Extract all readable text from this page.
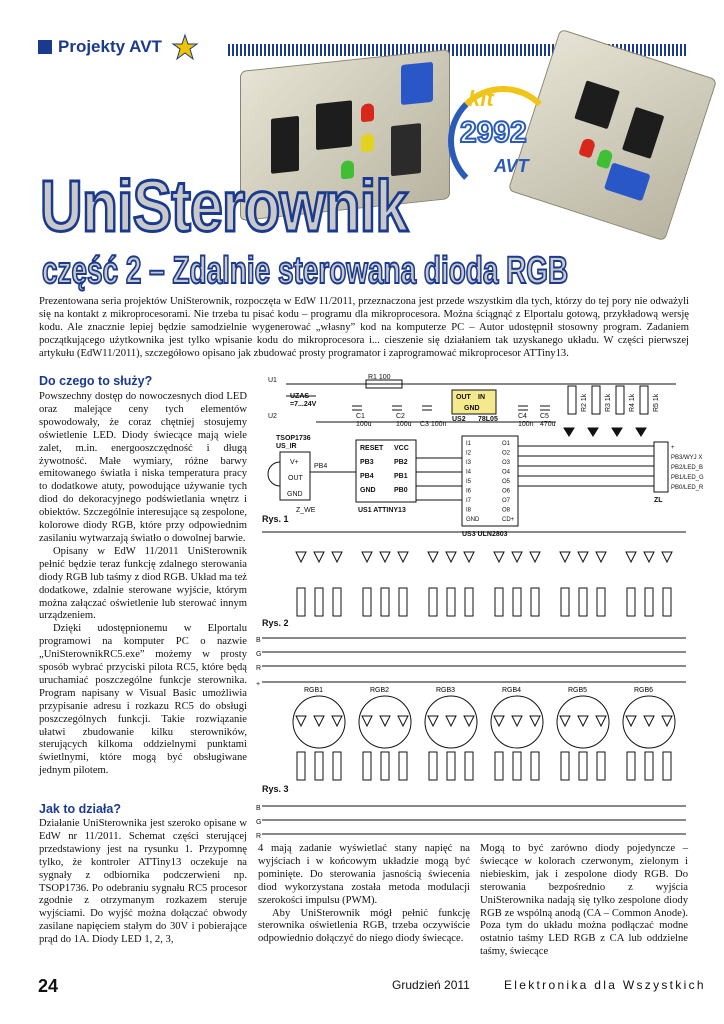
Projekty AVT
kit
2992
AVT
UniSterownik
część 2 – Zdalnie sterowana dioda RGB
Prezentowana seria projektów UniSterownik, rozpoczęta w EdW 11/2011, przeznaczona jest przede wszystkim dla tych, którzy do tej pory nie odważyli się na kontakt z mikroprocesorami. Nie trzeba tu pisać kodu – programu dla mikroprocesora. Można ściągnąć z Elportalu gotową, przykładową wersję kodu. Ale znacznie lepiej będzie samodzielnie wygenerować „własny” kod na komputerze PC – Autor udostępnił stosowny program. Zadaniem początkującego użytkownika jest tylko wpisanie kodu do mikroprocesora i... cieszenie się działaniem tak uzyskanego układu. W części pierwszej artykułu (EdW11/2011), szczegółowo opisano jak zbudować prosty programator i zaprogramować mikroprocesor ATTiny13.
Do czego to służy?

Powszechny dostęp do nowoczesnych diod LED oraz malejące ceny tych elementów spowodowały, że coraz chętniej stosujemy oświetlenie LED. Diody świecące mają wiele zalet, m.in. energooszczędność i długą żywotność. Małe wymiary, różne barwy emitowanego światła i niska temperatura pracy to dodatkowe atuty, powodujące używanie tych diod do dekoracyjnego podświetlania wnętrz i obiektów. Szczególnie interesujące są zespolone, kolorowe diody RGB, które przy odpowiednim zasilaniu wytwarzają światło o dowolnej barwie.

Opisany w EdW 11/2011 UniSterownik pełnić będzie teraz funkcję zdalnego sterowania diody RGB lub taśmy z diod RGB. Układ ma też dodatkowe, zdalnie sterowane wyjście, którym można załączać oświetlenie lub sterować innym urządzeniem.

Dzięki udostępnionemu w Elportalu programowi na komputer PC o nazwie „UniSterownikRC5.exe” możemy w prosty sposób wybrać przyciski pilota RC5, które będą uruchamiać poszczególne funkcje sterownika. Program napisany w Visual Basic umożliwia przypisanie adresu i rozkazu RC5 do obsługi poszczególnych funkcji. Takie rozwiązanie ułatwi zbudowanie kilku sterowników, sterujących kilkoma oddzielnymi punktami świetlnymi, które mogą być obsługiwane jednym pilotem.

Jak to działa?

Działanie UniSterownika jest szeroko opisane w EdW nr 11/2011. Schemat części sterującej przedstawiony jest na rysunku 1. Przypomnę tylko, że kontroler ATTiny13 oczekuje na sygnały z odbiornika podczerwieni np. TSOP1736. Po odebraniu sygnału RC5 procesor zgodnie z otrzymanym rozkazem steruje wyjściami. Do wyjść można dołączać obwody zasilane napięciem stałym do 30V i pobierające prąd do 1A. Diody LED 1, 2, 3,

4 mają zadanie wyświetlać stany napięć na wyjściach i w końcowym układzie mogą być pominięte. Do sterowania jasnością świecenia diod wykorzystana została metoda modulacji szerokości impulsu (PWM).

Aby UniSterownik mógł pełnić funkcję sterownika oświetlenia RGB, trzeba oczywiście odpowiednio dołączyć do niego diody świecące.

Mogą to być zarówno diody pojedyncze – świecące w kolorach czerwonym, zielonym i niebieskim, jak i zespolone diody RGB. Do sterowania bezpośrednio z wyjścia UniSterownika nadają się tylko zespolone diody RGB ze wspólną anodą (CA – Common Anode). Poza tym do układu można podłączać modne ostatnio taśmy LED RGB z CA lub oddzielne taśmy, świecące

RGB1	RGB2	RGB3	RGB4	RGB5	RGB6
U1
U2
UZAS
=7...24V
R1 100
C1
100u
C2
100u C3 100n
OUT IN
GND
US2 78L05	C4
100n
C5
470u
R2 1k R3 1k R4 1k R5 1k
TSOP1736
US_IR
V+
OUT
GND
PB4
RESET VCC
PB3	PB2
PB4	PB1
GND	PB0
Z_WE	US1 ATTINY13
US3 ULN2803
ZL
Rys. 1
Rys. 2
Rys. 3
B
G
R
+
B
G
R
I1
I2
I3
I4
I5
I6
I7
I8
GND
O1
O2
O3
O4
O5
O6
O7
O8
CD+
+
PB3/WYJ X
PB2/LED_B
PB1/LED_G
PB0/LED_R
24	Grudzień 2011	Elektronika dla Wszystkich
